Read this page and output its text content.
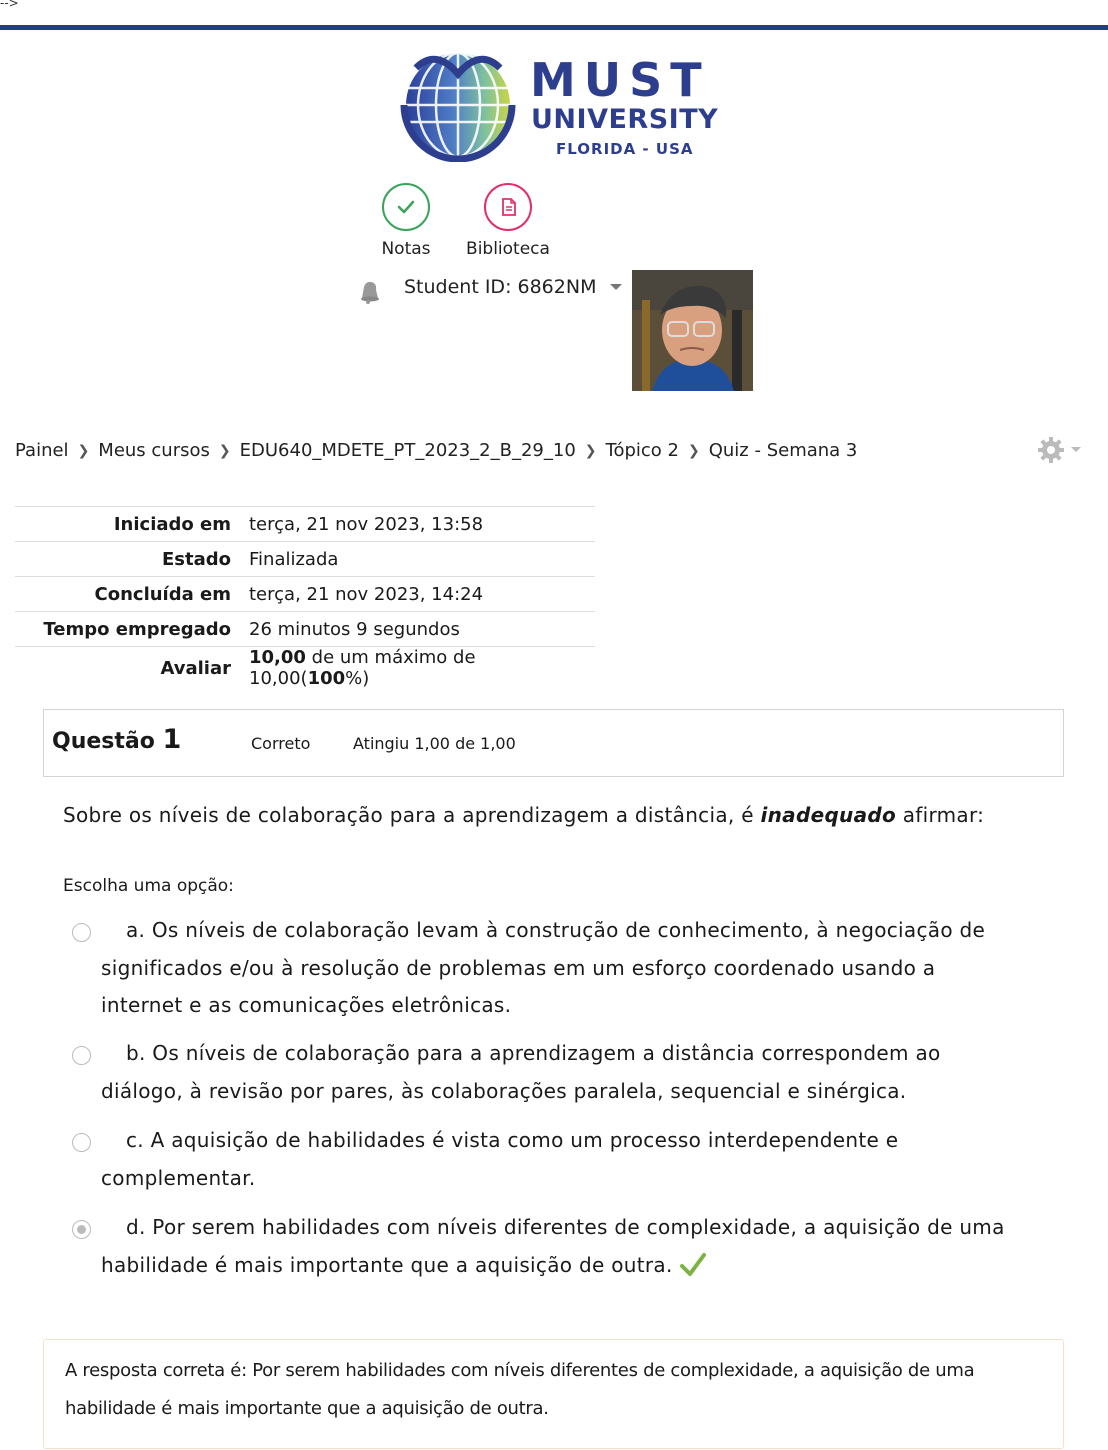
-->
MUST
UNIVERSITY
FLORIDA - USA
Notas Biblioteca
Student ID: 6862NM
Painel ❯ Meus cursos ❯ EDU640_MDETE_PT_2023_2_B_29_10 ❯ Tópico 2 ❯ Quiz - Semana 3
Iniciado em	terça, 21 nov 2023, 13:58
Estado	Finalizada
Concluída em	terça, 21 nov 2023, 14:24
Tempo empregado	26 minutos 9 segundos
Avaliar	10,00 de um máximo de 10,00(100%)
Questão 1	Correto	Atingiu 1,00 de 1,00
Sobre os níveis de colaboração para a aprendizagem a distância, é inadequado afirmar:
Escolha uma opção:
a. Os níveis de colaboração levam à construção de conhecimento, à negociação de significados e/ou à resolução de problemas em um esforço coordenado usando a internet e as comunicações eletrônicas.
b. Os níveis de colaboração para a aprendizagem a distância correspondem ao diálogo, à revisão por pares, às colaborações paralela, sequencial e sinérgica.
c. A aquisição de habilidades é vista como um processo interdependente e complementar.
d. Por serem habilidades com níveis diferentes de complexidade, a aquisição de uma habilidade é mais importante que a aquisição de outra.
A resposta correta é: Por serem habilidades com níveis diferentes de complexidade, a aquisição de uma habilidade é mais importante que a aquisição de outra.
